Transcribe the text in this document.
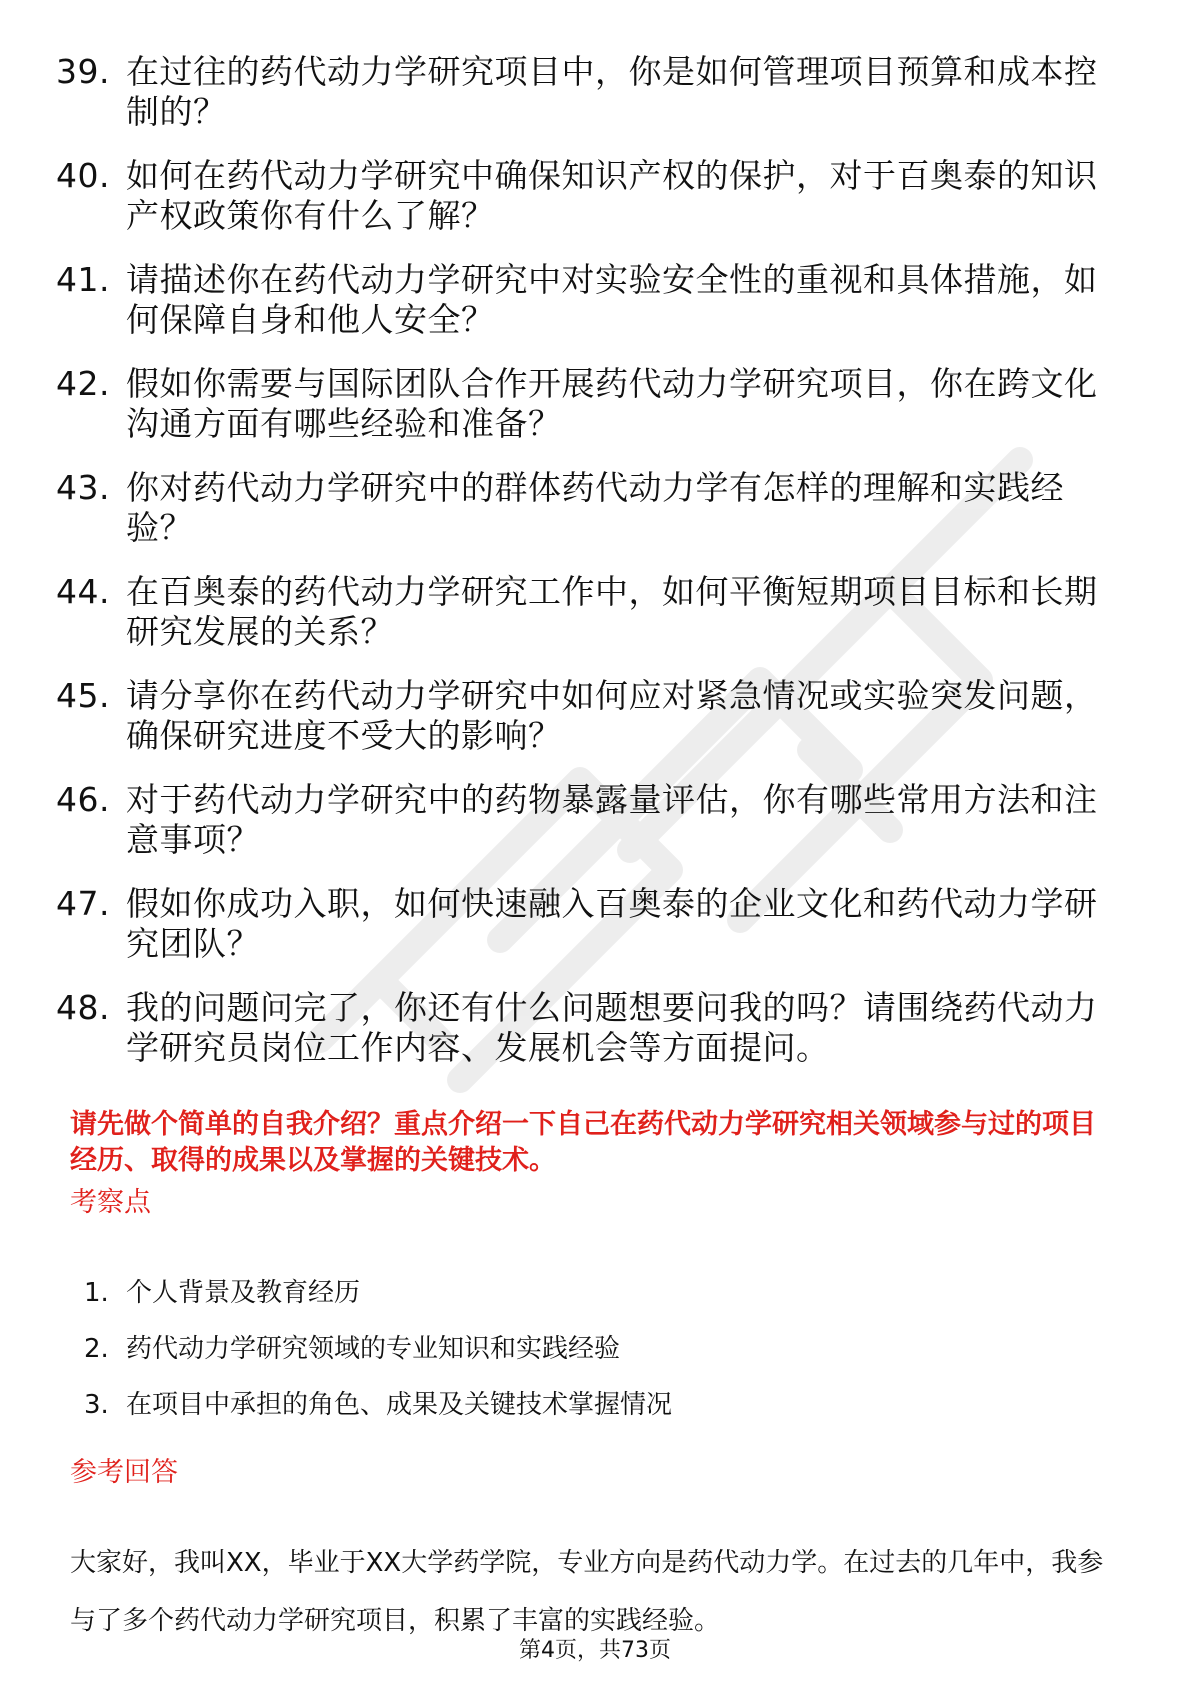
39. 在过往的药代动力学研究项目中，你是如何管理项目预算和成本控制的？
40. 如何在药代动力学研究中确保知识产权的保护，对于百奥泰的知识产权政策你有什么了解？
41. 请描述你在药代动力学研究中对实验安全性的重视和具体措施，如何保障自身和他人安全？
42. 假如你需要与国际团队合作开展药代动力学研究项目，你在跨文化沟通方面有哪些经验和准备？
43. 你对药代动力学研究中的群体药代动力学有怎样的理解和实践经验？
44. 在百奥泰的药代动力学研究工作中，如何平衡短期项目目标和长期研究发展的关系？
45. 请分享你在药代动力学研究中如何应对紧急情况或实验突发问题，确保研究进度不受大的影响？
46. 对于药代动力学研究中的药物暴露量评估，你有哪些常用方法和注意事项？
47. 假如你成功入职，如何快速融入百奥泰的企业文化和药代动力学研究团队？
48. 我的问题问完了，你还有什么问题想要问我的吗？请围绕药代动力学研究员岗位工作内容、发展机会等方面提问。
请先做个简单的自我介绍？重点介绍一下自己在药代动力学研究相关领域参与过的项目经历、取得的成果以及掌握的关键技术。
考察点
1. 个人背景及教育经历
2. 药代动力学研究领域的专业知识和实践经验
3. 在项目中承担的角色、成果及关键技术掌握情况
参考回答
大家好，我叫XX，毕业于XX大学药学院，专业方向是药代动力学。在过去的几年中，我参与了多个药代动力学研究项目，积累了丰富的实践经验。
第4页，共73页
